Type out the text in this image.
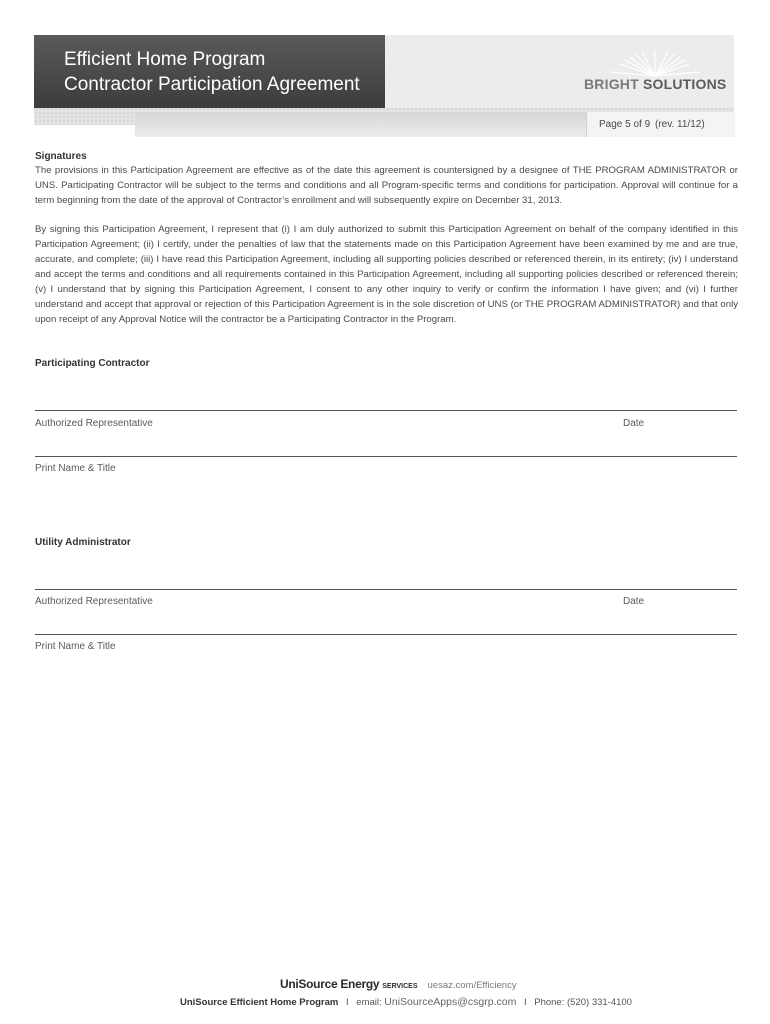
Efficient Home Program
Contractor Participation Agreement	BRIGHT SOLUTIONS
Page 5 of 9 (rev. 11/12)
Signatures

The provisions in this Participation Agreement are effective as of the date this agreement is countersigned by a designee of THE PROGRAM ADMINISTRATOR or UNS. Participating Contractor will be subject to the terms and conditions and all Program-specific terms and conditions for participation. Approval will continue for a term beginning from the date of the approval of Contractor’s enrollment and will subsequently expire on December 31, 2013.

By signing this Participation Agreement, I represent that (i) I am duly authorized to submit this Participation Agreement on behalf of the company identified in this Participation Agreement; (ii) I certify, under the penalties of law that the statements made on this Participation Agreement have been examined by me and are true, accurate, and complete; (iii) I have read this Participation Agreement, including all supporting policies described or referenced therein, in its entirety; (iv) I understand and accept the terms and conditions and all requirements contained in this Participation Agreement, including all supporting policies described or referenced therein; (v) I understand that by signing this Participation Agreement, I consent to any other inquiry to verify or confirm the information I have given; and (vi) I further understand and accept that approval or rejection of this Participation Agreement is in the sole discretion of UNS (or THE PROGRAM ADMINISTRATOR) and that only upon receipt of any Approval Notice will the contractor be a Participating Contractor in the Program.

Participating Contractor
Authorized Representative	Date
Print Name & Title
Utility Administrator
Authorized Representative	Date
Print Name & Title
UniSource Energy SERVICES uesaz.com/Efficiency
UniSource Efficient Home Program I email: UniSourceApps@csgrp.com I Phone: (520) 331-4100
